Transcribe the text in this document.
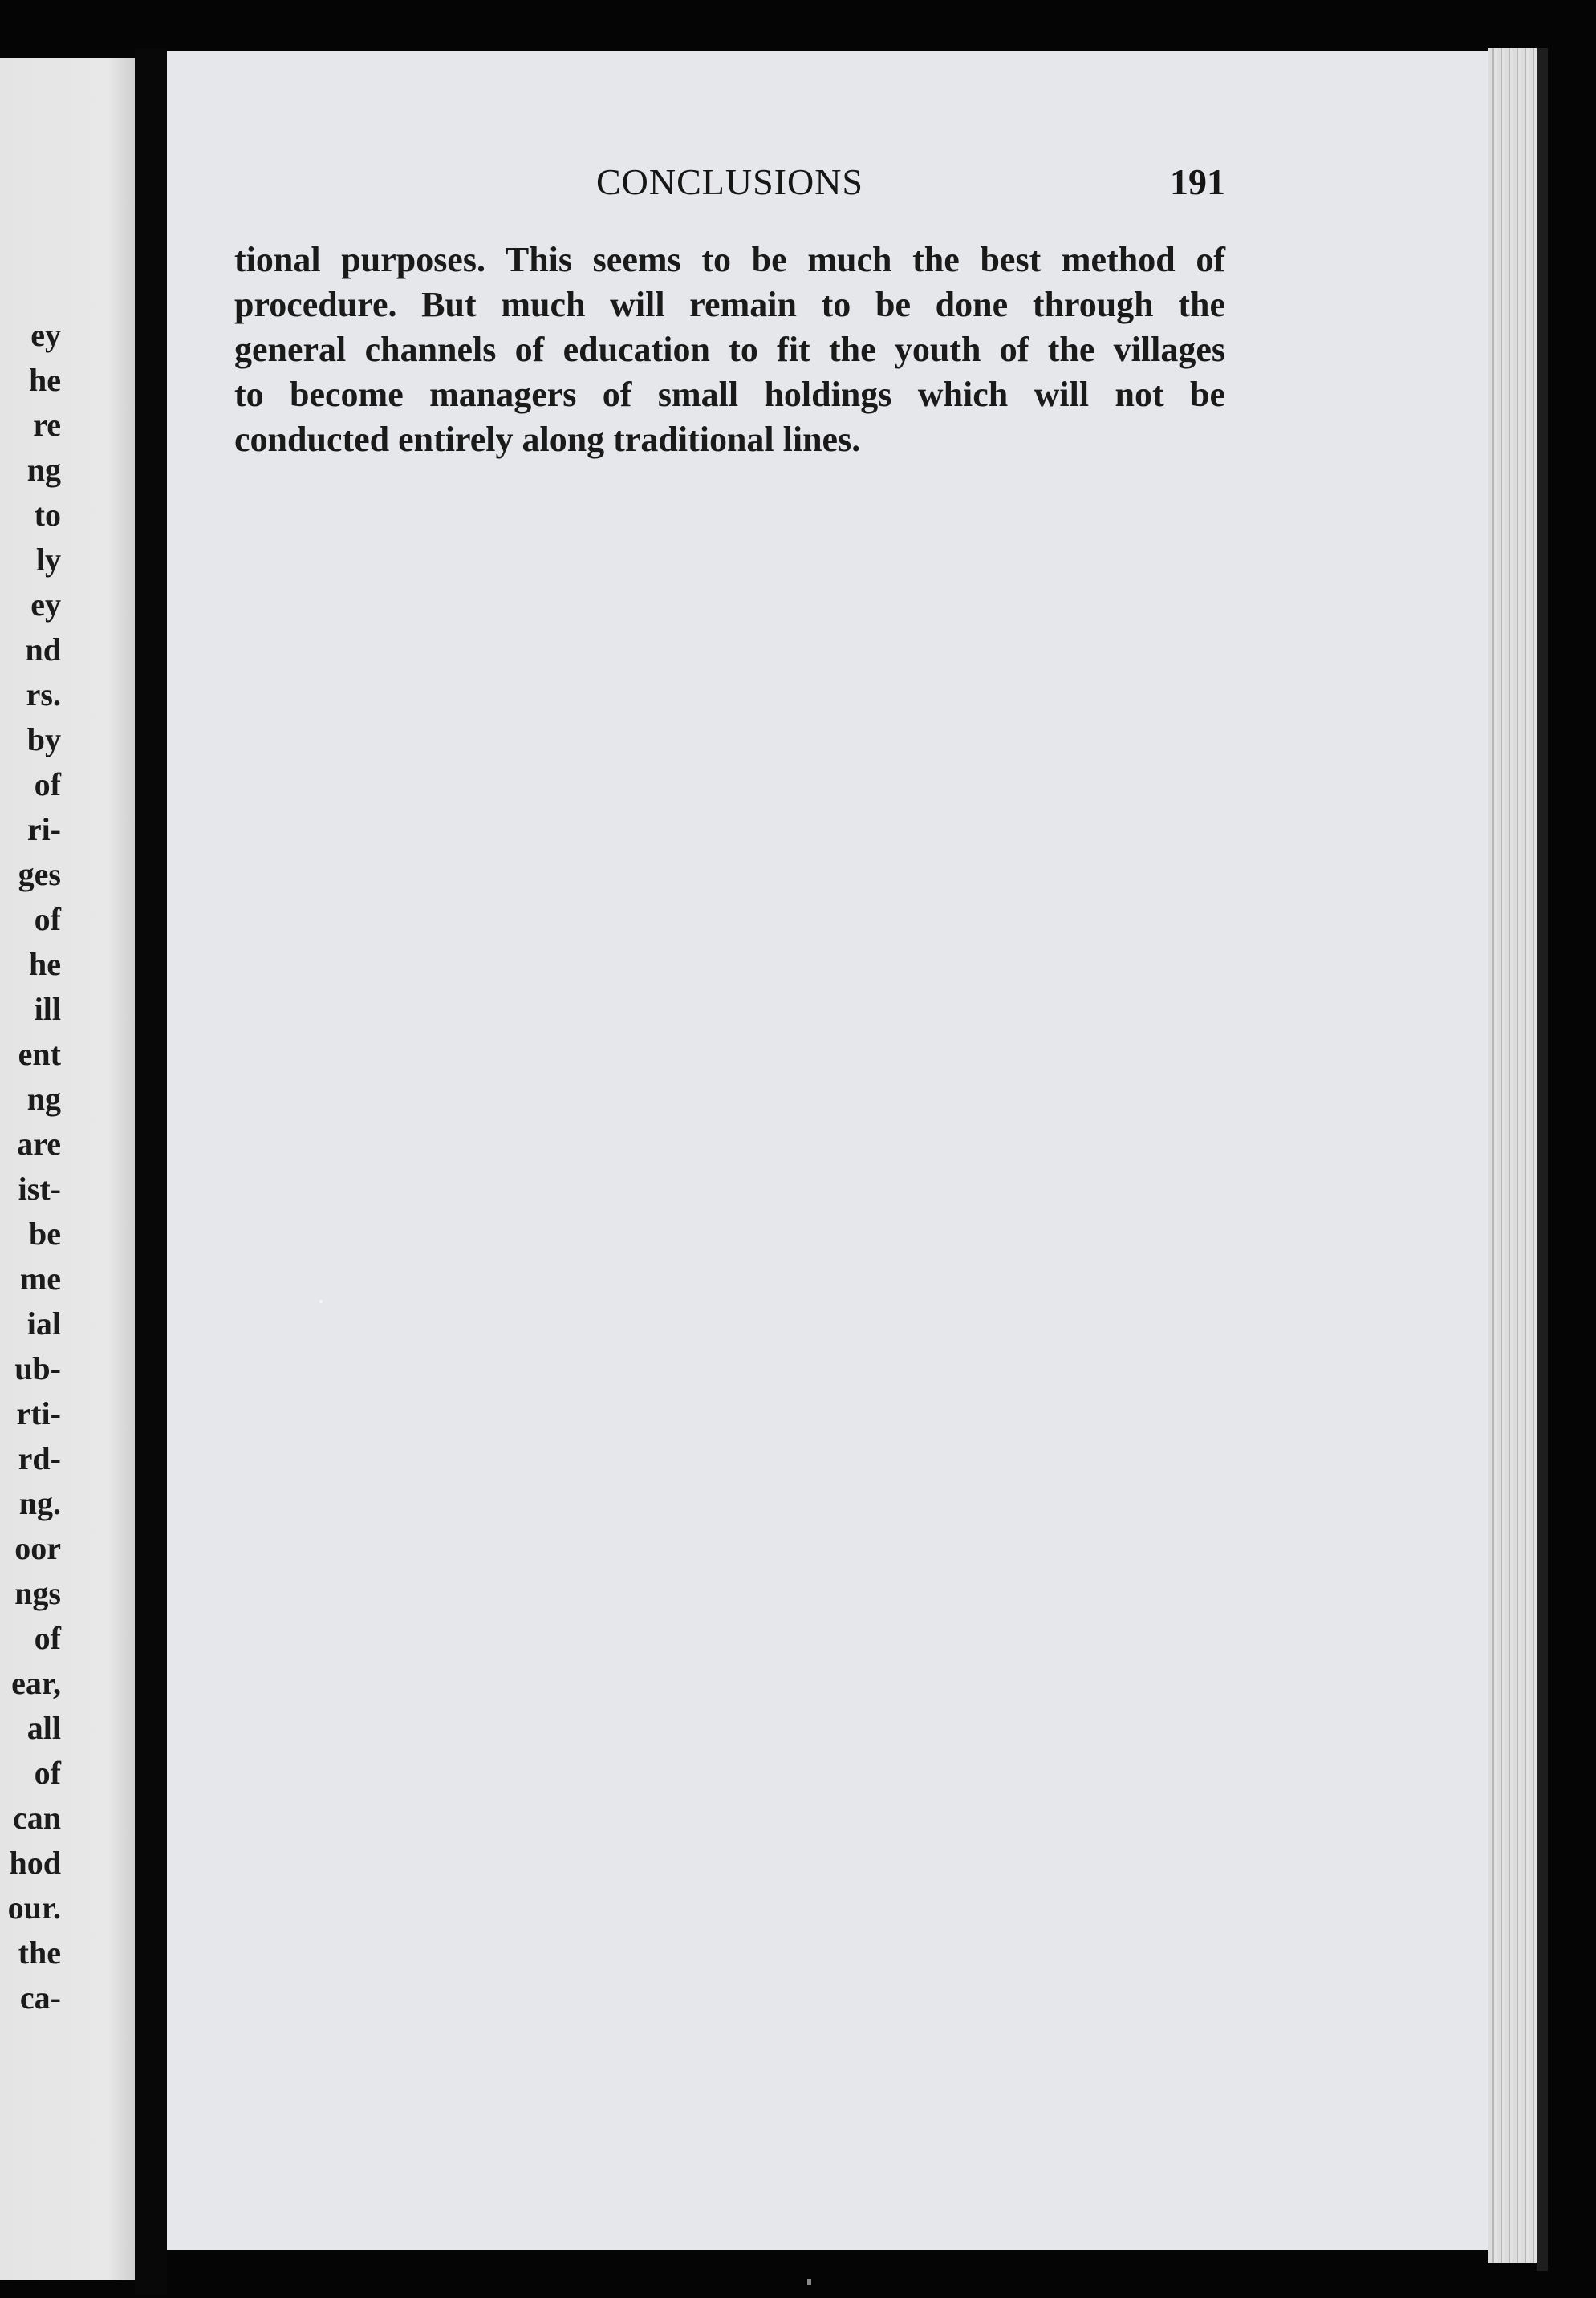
ey
he
re
ng
to
ly
ey
nd
rs.
by
of
ri-
ges
of
he
ill
ent
ng
are
ist-
be
me
ial
ub-
rti-
rd-
ng.
oor
ngs
of
ear,
all
of
can
hod
our.
the
ca-
CONCLUSIONS	191
tional purposes. This seems to be much the best method of
procedure. But much will remain to be done through the
general channels of education to fit the youth of the villages
to become managers of small holdings which will not be
conducted entirely along traditional lines.
